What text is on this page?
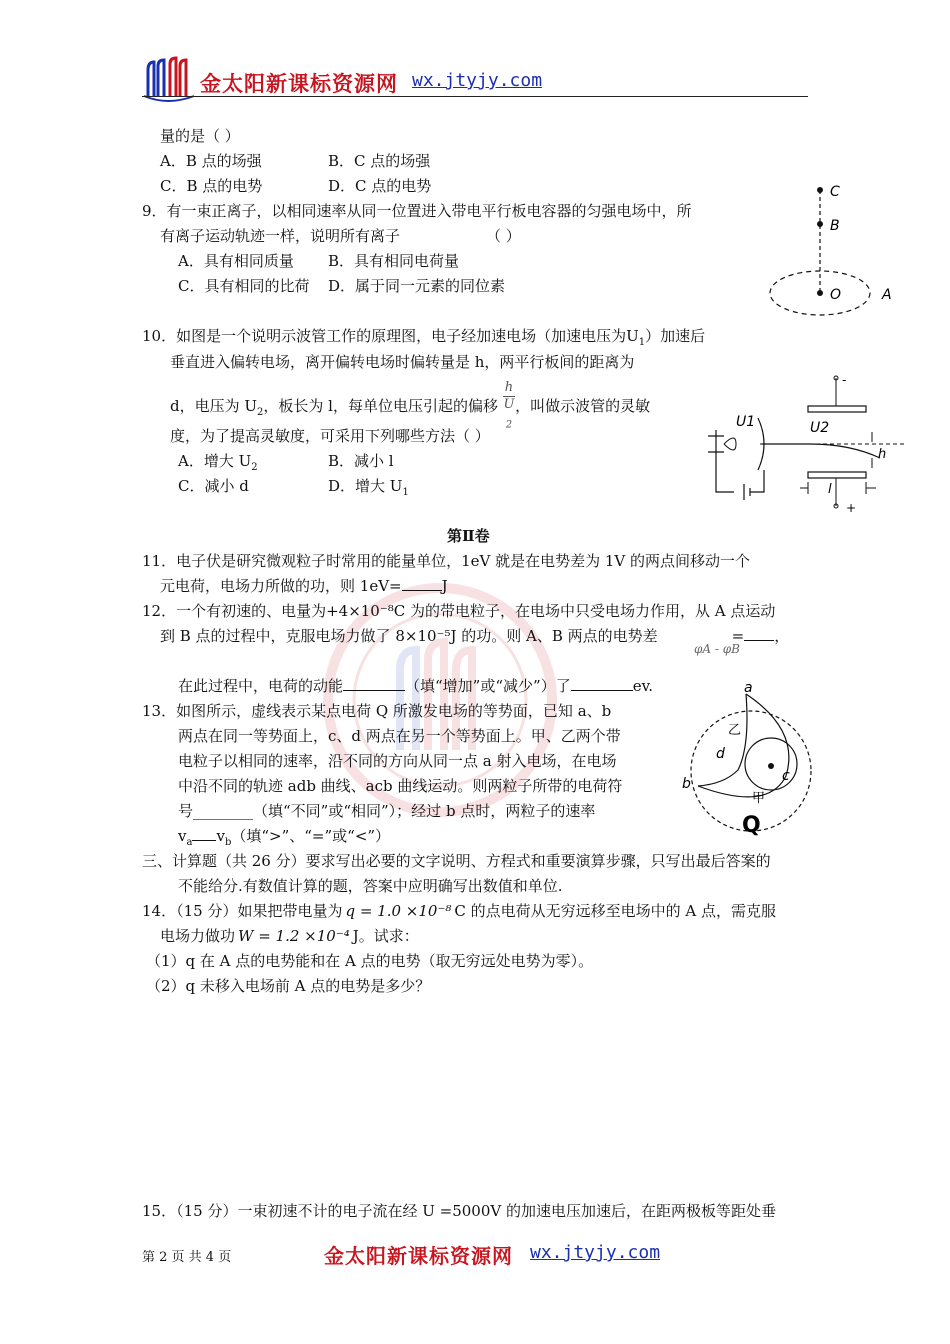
金太阳新课标资源网 wx.jtyjy.com
量的是（ ）
A．B 点的场强	B．C 点的场强
C．B 点的电势	D．C 点的电势
9．有一束正离子，以相同速率从同一位置进入带电平行板电容器的匀强电场中，所
有离子运动轨迹一样，说明所有离子	（ ）
A．具有相同质量 B．具有相同电荷量
C．具有相同的比荷 D．属于同一元素的同位素
C
B
O	A
10．如图是一个说明示波管工作的原理图，电子经加速电场（加速电压为$U_1$）加速后
垂直进入偏转电场，离开偏转电场时偏转量是 h，两平行板间的距离为
d，电压为 $U_2$，板长为 l，每单位电压引起的偏移 h
U
$_2$ ，叫做示波管的灵敏
度，为了提高灵敏度，可采用下列哪些方法（ ）
A．增大 $U_2$	B．减小 l
C．减小 d	D．增大 $U_1$
-
+
h
l
U1	U2
第Ⅱ卷
11．电子伏是研究微观粒子时常用的能量单位，1eV 就是在电势差为 1V 的两点间移动一个
元电荷，电场力所做的功，则 1eV=	J
12．一个有初速的、电量为+4×10⁻⁸C 为的带电粒子，在电场中只受电场力作用，从 A 点运动
到 B 点的过程中，克服电场力做了 8×10⁻⁵J 的功。则 A、B 两点的电势差	= ，
φA - φB
在此过程中，电荷的动能	（填“增加”或“减少”）了	ev.
13．如图所示，虚线表示某点电荷 Q 所激发电场的等势面，已知 a、b
两点在同一等势面上，c、d 两点在另一个等势面上。甲、乙两个带
电粒子以相同的速率，沿不同的方向从同一点 a 射入电场，在电场
中沿不同的轨迹 adb 曲线、acb 曲线运动。则两粒子所带的电荷符
号________（填“不同”或“相同”）；经过 b 点时，两粒子的速率
$v_a$ $v_b$（填“>”、“=”或“<”）
a
乙
d
c
b
甲
Q
三、计算题（共 26 分）要求写出必要的文字说明、方程式和重要演算步骤，只写出最后答案的
不能给分.有数值计算的题，答案中应明确写出数值和单位.
14．（15 分）如果把带电量为 q = 1.0 ×10⁻⁸ C 的点电荷从无穷远移至电场中的 A 点，需克服
电场力做功 W = 1.2 ×10⁻⁴ J。试求：
（1）q 在 A 点的电势能和在 A 点的电势（取无穷远处电势为零）。
（2）q 未移入电场前 A 点的电势是多少？
15．（15 分）一束初速不计的电子流在经 U =5000V 的加速电压加速后，在距两极板等距处垂
第 2 页 共 4 页	金太阳新课标资源网 wx.jtyjy.com
